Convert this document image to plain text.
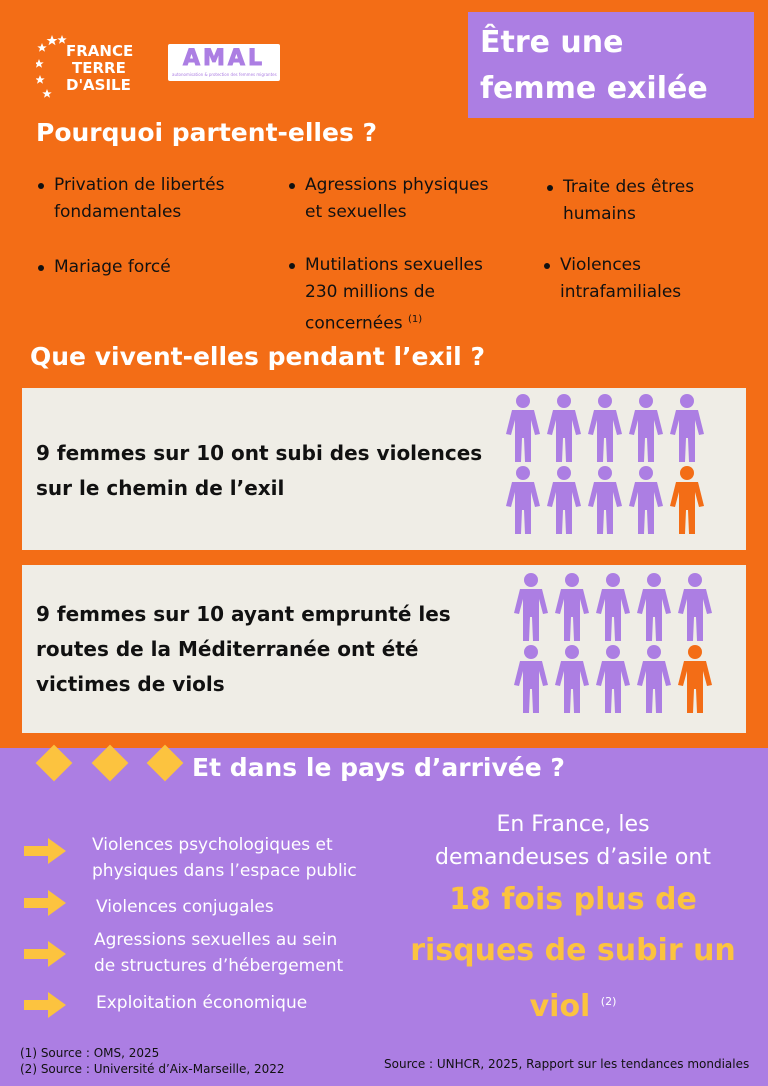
FRANCE
TERRE
D'ASILE
AMAL
autonomisation & protection des femmes migrantes
Être une
femme exilée
Pourquoi partent-elles ?
Privation de libertés
fondamentales
Agressions physiques
et sexuelles
Traite des êtres
humains
Mariage forcé	Mutilations sexuelles
230 millions de
concernées $^{(1)}$
Violences
intrafamiliales
Que vivent-elles pendant l’exil ?
9 femmes sur 10 ont subi des violences
sur le chemin de l’exil
9 femmes sur 10 ayant emprunté les
routes de la Méditerranée ont été
victimes de viols
Et dans le pays d’arrivée ?
Violences psychologiques et
physiques dans l’espace public
Violences conjugales
Agressions sexuelles au sein
de structures d’hébergement
Exploitation économique
En France, les
demandeuses d’asile ont
18 fois plus de
risques de subir un
viol $^{(2)}$
(1) Source : OMS, 2025
(2) Source : Université d’Aix-Marseille, 2022	Source : UNHCR, 2025, Rapport sur les tendances mondiales
